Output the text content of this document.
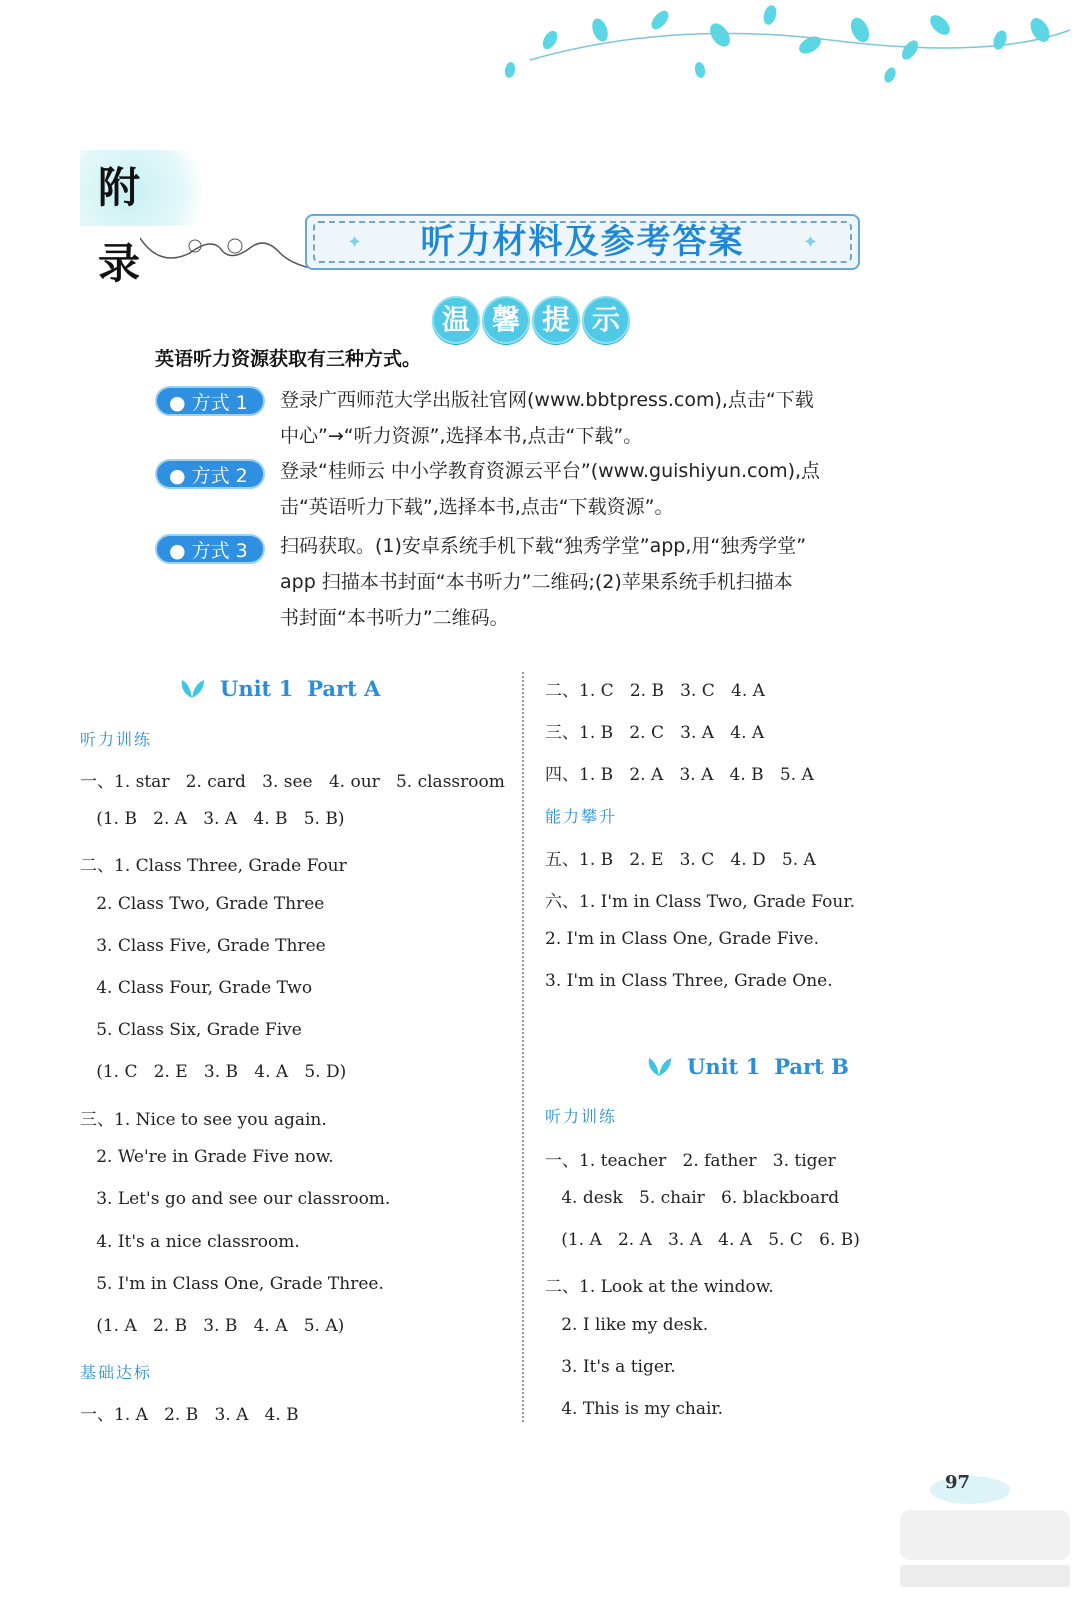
附 录	✦	✦
听力材料及参考答案
温 馨 提 示
英语听力资源获取有三种方式。
● 方式 1	登录广西师范大学出版社官网(www.bbtpress.com),点击“下载
中心”→“听力资源”,选择本书,点击“下载”。
● 方式 2	登录“桂师云 中小学教育资源云平台”(www.guishiyun.com),点
击“英语听力下载”,选择本书,点击“下载资源”。
● 方式 3	扫码获取。(1)安卓系统手机下载“独秀学堂”app,用“独秀学堂”
app 扫描本书封面“本书听力”二维码;(2)苹果系统手机扫描本
书封面“本书听力”二维码。
Unit 1 Part A
听力训练
一、1. star   2. card   3. see   4. our   5. classroom
(1. B   2. A   3. A   4. B   5. B)
二、1. Class Three, Grade Four
2. Class Two, Grade Three
3. Class Five, Grade Three
4. Class Four, Grade Two
5. Class Six, Grade Five
(1. C   2. E   3. B   4. A   5. D)
三、1. Nice to see you again.
2. We're in Grade Five now.
3. Let's go and see our classroom.
4. It's a nice classroom.
5. I'm in Class One, Grade Three.
(1. A   2. B   3. B   4. A   5. A)
基础达标
一、1. A   2. B   3. A   4. B
二、1. C   2. B   3. C   4. A
三、1. B   2. C   3. A   4. A
四、1. B   2. A   3. A   4. B   5. A
能力攀升
五、1. B   2. E   3. C   4. D   5. A
六、1. I'm in Class Two, Grade Four.
2. I'm in Class One, Grade Five.
3. I'm in Class Three, Grade One.
Unit 1 Part B
听力训练
一、1. teacher   2. father   3. tiger
4. desk   5. chair   6. blackboard
(1. A   2. A   3. A   4. A   5. C   6. B)
二、1. Look at the window.
2. I like my desk.
3. It's a tiger.
4. This is my chair.
97
